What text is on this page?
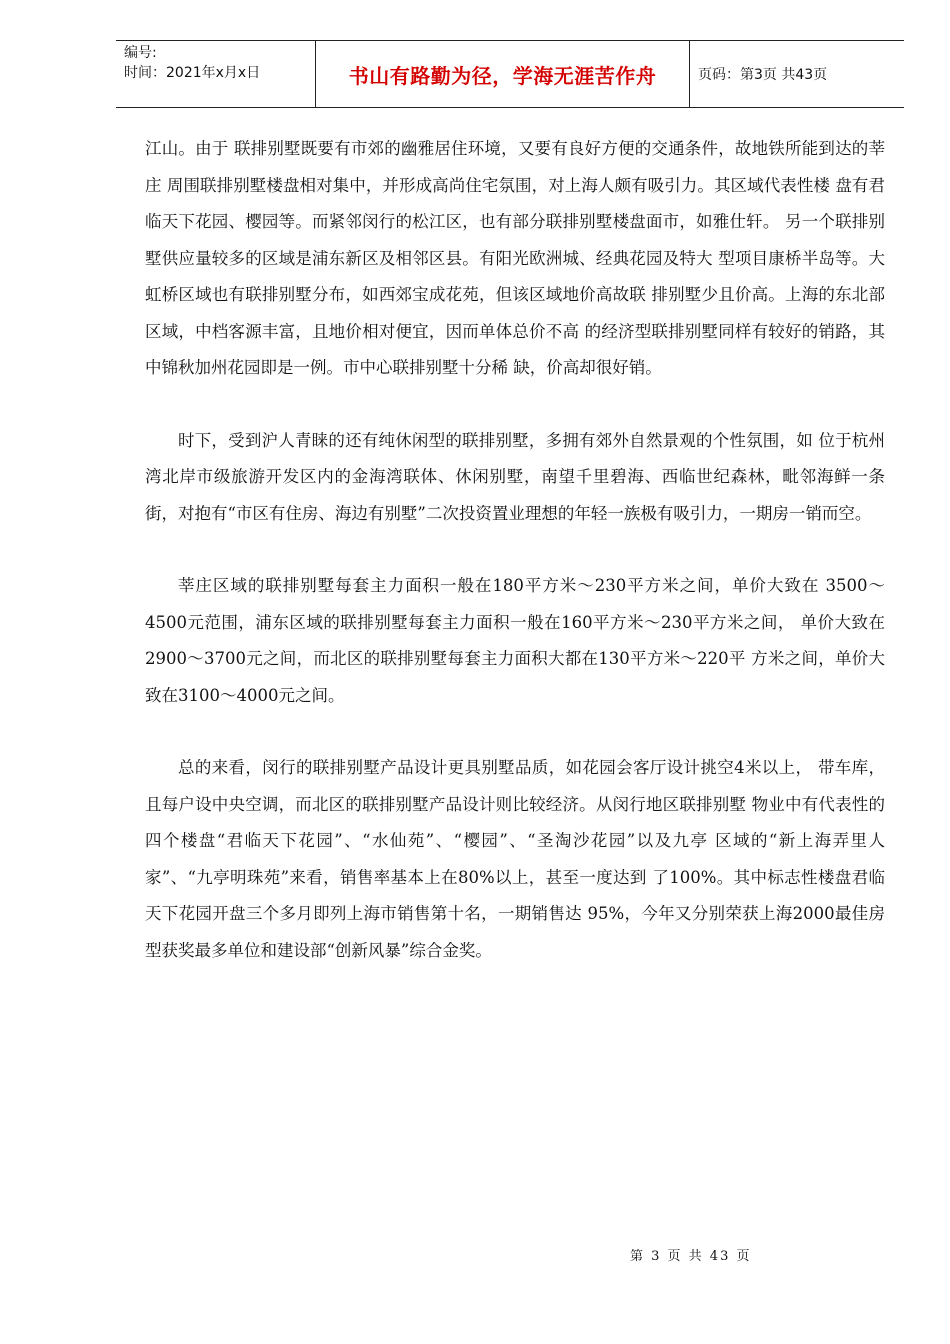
编号:
时间：2021年x月x日	书山有路勤为径，学海无涯苦作舟	页码：第3页 共43页

江山。由于 联排别墅既要有市郊的幽雅居住环境，又要有良好方便的交通条件，故地铁所能到达的莘庄 周围联排别墅楼盘相对集中，并形成高尚住宅氛围，对上海人颇有吸引力。其区域代表性楼 盘有君临天下花园、樱园等。而紧邻闵行的松江区，也有部分联排别墅楼盘面市，如雅仕轩。 另一个联排别墅供应量较多的区域是浦东新区及相邻区县。有阳光欧洲城、经典花园及特大 型项目康桥半岛等。大虹桥区域也有联排别墅分布，如西郊宝成花苑，但该区域地价高故联 排别墅少且价高。上海的东北部区域，中档客源丰富，且地价相对便宜，因而单体总价不高 的经济型联排别墅同样有较好的销路，其中锦秋加州花园即是一例。市中心联排别墅十分稀 缺，价高却很好销。

时下，受到沪人青睐的还有纯休闲型的联排别墅，多拥有郊外自然景观的个性氛围，如 位于杭州湾北岸市级旅游开发区内的金海湾联体、休闲别墅，南望千里碧海、西临世纪森林，毗邻海鲜一条街，对抱有“市区有住房、海边有别墅”二次投资置业理想的年轻一族极有吸引力，一期房一销而空。

莘庄区域的联排别墅每套主力面积一般在180平方米～230平方米之间，单价大致在 3500～4500元范围，浦东区域的联排别墅每套主力面积一般在160平方米～230平方米之间， 单价大致在2900～3700元之间，而北区的联排别墅每套主力面积大都在130平方米～220平 方米之间，单价大致在3100～4000元之间。

总的来看，闵行的联排别墅产品设计更具别墅品质，如花园会客厅设计挑空4米以上， 带车库，且每户设中央空调，而北区的联排别墅产品设计则比较经济。从闵行地区联排别墅 物业中有代表性的四个楼盘“君临天下花园”、“水仙苑”、“樱园”、“圣淘沙花园”以及九亭 区域的“新上海弄里人家”、“九亭明珠苑”来看，销售率基本上在80%以上，甚至一度达到 了100%。其中标志性楼盘君临天下花园开盘三个多月即列上海市销售第十名，一期销售达 95%，今年又分别荣获上海2000最佳房型获奖最多单位和建设部“创新风暴”综合金奖。

第 3 页 共 43 页
